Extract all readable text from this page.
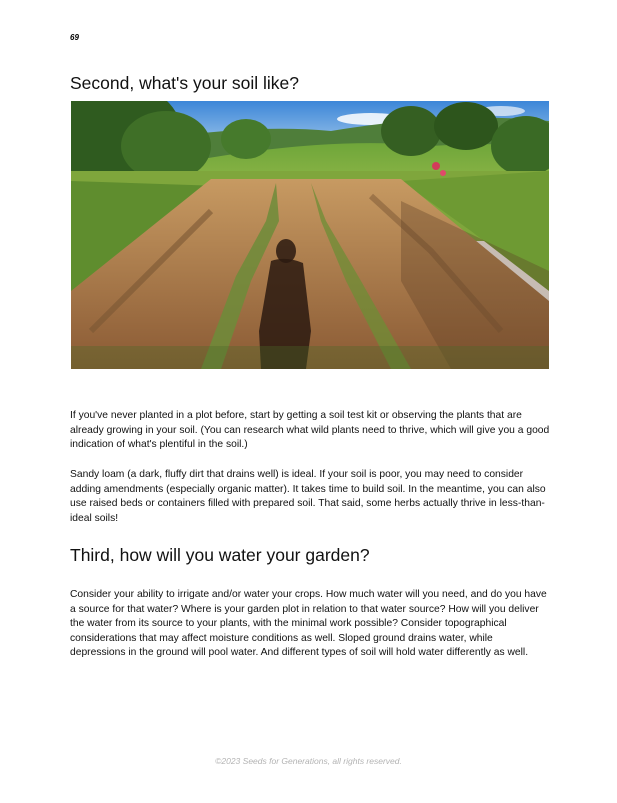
69
Second, what's your soil like?

If you've never planted in a plot before, start by getting a soil test kit or observing the plants that are already growing in your soil. (You can research what wild plants need to thrive, which will give you a good indication of what's plentiful in the soil.)

Sandy loam (a dark, fluffy dirt that drains well) is ideal. If your soil is poor, you may need to consider adding amendments (especially organic matter). It takes time to build soil. In the meantime, you can also use raised beds or containers filled with prepared soil. That said, some herbs actually thrive in less-than-ideal soils!

Third, how will you water your garden?

Consider your ability to irrigate and/or water your crops. How much water will you need, and do you have a source for that water? Where is your garden plot in relation to that water source? How will you deliver the water from its source to your plants, with the minimal work possible? Consider topographical considerations that may affect moisture conditions as well. Sloped ground drains water, while depressions in the ground will pool water. And different types of soil will hold water differently as well.

©2023 Seeds for Generations, all rights reserved.
